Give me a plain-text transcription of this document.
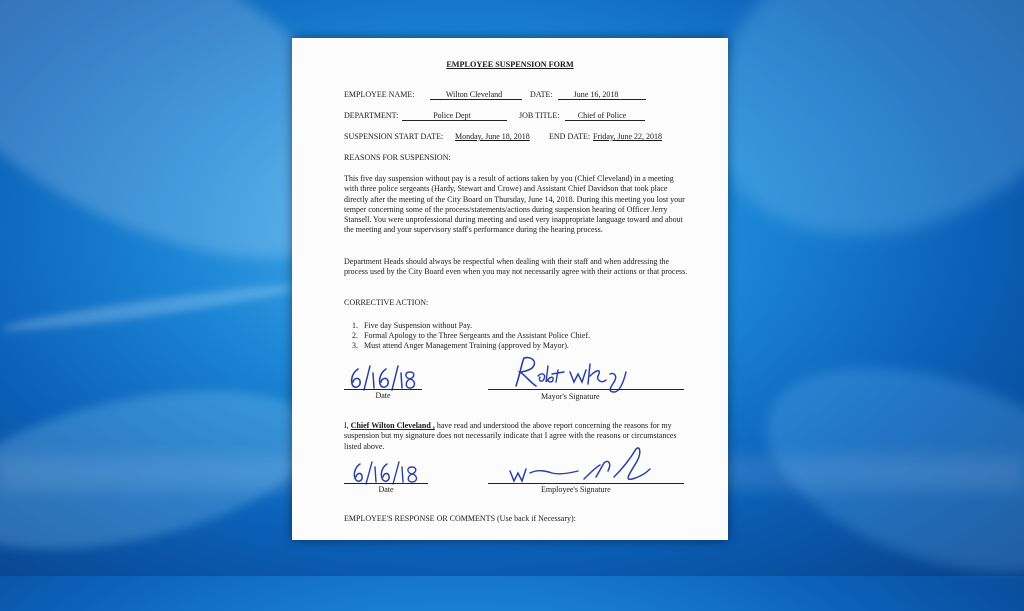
EMPLOYEE SUSPENSION FORM
EMPLOYEE NAME:	Wilton Cleveland	DATE:	June 16, 2018
DEPARTMENT:	Police Dept	JOB TITLE:	Chief of Police
SUSPENSION START DATE: Monday, June 18, 2018 END DATE: Friday, June 22, 2018
REASONS FOR SUSPENSION:
This five day suspension without pay is a result of actions taken by you (Chief Cleveland) in a meeting with three police sergeants (Hardy, Stewart and Crowe) and Assistant Chief Davidson that took place directly after the meeting of the City Board on Thursday, June 14, 2018. During this meeting you lost your temper concerning some of the process/statements/actions during suspension hearing of Officer Jerry Stansell. You were unprofessional during meeting and used very inappropriate language toward and about the meeting and your supervisory staff's performance during the hearing process.
Department Heads should always be respectful when dealing with their staff and when addressing the process used by the City Board even when you may not necessarily agree with their actions or that process.
CORRECTIVE ACTION:
1. Five day Suspension without Pay.
2. Formal Apology to the Three Sergeants and the Assistant Police Chief.
3. Must attend Anger Management Training (approved by Mayor).
Date	Mayor's Signature
I, Chief Wilton Cleveland , have read and understood the above report concerning the reasons for my suspension but my signature does not necessarily indicate that I agree with the reasons or circumstances listed above.
Date	Employee's Signature
EMPLOYEE'S RESPONSE OR COMMENTS (Use back if Necessary):
